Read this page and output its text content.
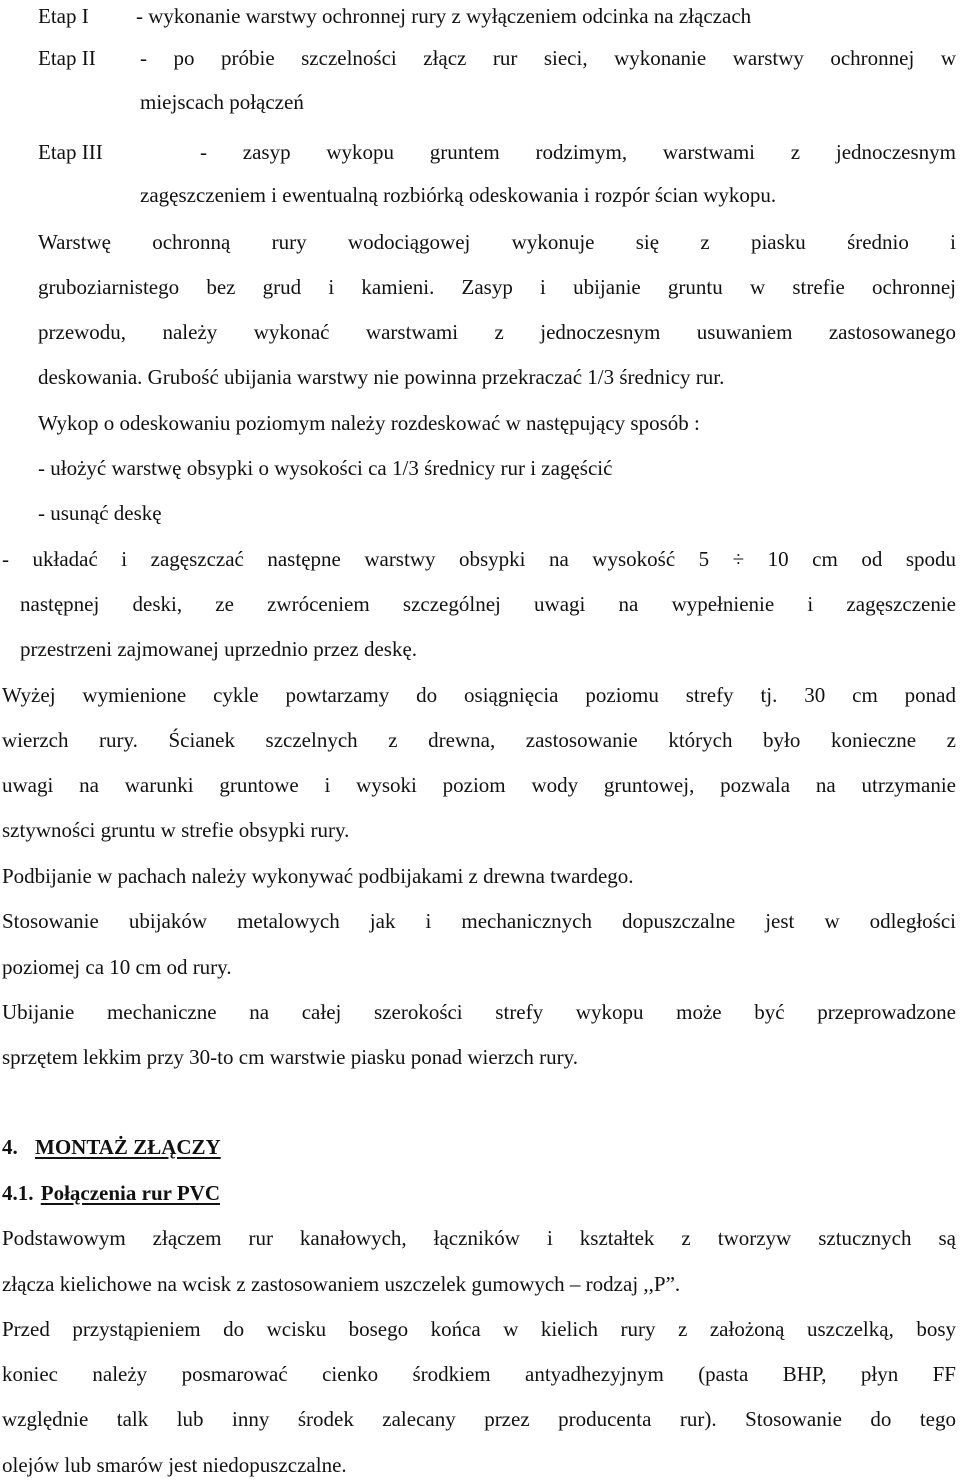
Etap I - wykonanie warstwy ochronnej rury z wyłączeniem odcinka na złączach
Etap II - po próbie szczelności złącz rur sieci, wykonanie warstwy ochronnej w
miejscach połączeń
Etap III	- zasyp wykopu gruntem rodzimym, warstwami z jednoczesnym
zagęszczeniem i ewentualną rozbiórką odeskowania i rozpór ścian wykopu.
Warstwę ochronną rury wodociągowej wykonuje się z piasku średnio i
gruboziarnistego bez grud i kamieni. Zasyp i ubijanie gruntu w strefie ochronnej
przewodu, należy wykonać warstwami z jednoczesnym usuwaniem zastosowanego
deskowania. Grubość ubijania warstwy nie powinna przekraczać 1/3 średnicy rur.
Wykop o odeskowaniu poziomym należy rozdeskować w następujący sposób :
- ułożyć warstwę obsypki o wysokości ca 1/3 średnicy rur i zagęścić
- usunąć deskę
- układać i zagęszczać następne warstwy obsypki na wysokość 5 ÷ 10 cm od spodu
następnej deski, ze zwróceniem szczególnej uwagi na wypełnienie i zagęszczenie
przestrzeni zajmowanej uprzednio przez deskę.
Wyżej wymienione cykle powtarzamy do osiągnięcia poziomu strefy tj. 30 cm ponad
wierzch rury. Ścianek szczelnych z drewna, zastosowanie których było konieczne z
uwagi na warunki gruntowe i wysoki poziom wody gruntowej, pozwala na utrzymanie
sztywności gruntu w strefie obsypki rury.
Podbijanie w pachach należy wykonywać podbijakami z drewna twardego.
Stosowanie ubijaków metalowych jak i mechanicznych dopuszczalne jest w odległości
poziomej ca 10 cm od rury.
Ubijanie mechaniczne na całej szerokości strefy wykopu może być przeprowadzone
sprzętem lekkim przy 30-to cm warstwie piasku ponad wierzch rury.
4. MONTAŻ ZŁĄCZY
4.1. Połączenia rur PVC
Podstawowym złączem rur kanałowych, łączników i kształtek z tworzyw sztucznych są
złącza kielichowe na wcisk z zastosowaniem uszczelek gumowych – rodzaj ,,P”.
Przed przystąpieniem do wcisku bosego końca w kielich rury z założoną uszczelką, bosy
koniec należy posmarować cienko środkiem antyadhezyjnym (pasta BHP, płyn FF
względnie talk lub inny środek zalecany przez producenta rur). Stosowanie do tego
olejów lub smarów jest niedopuszczalne.
